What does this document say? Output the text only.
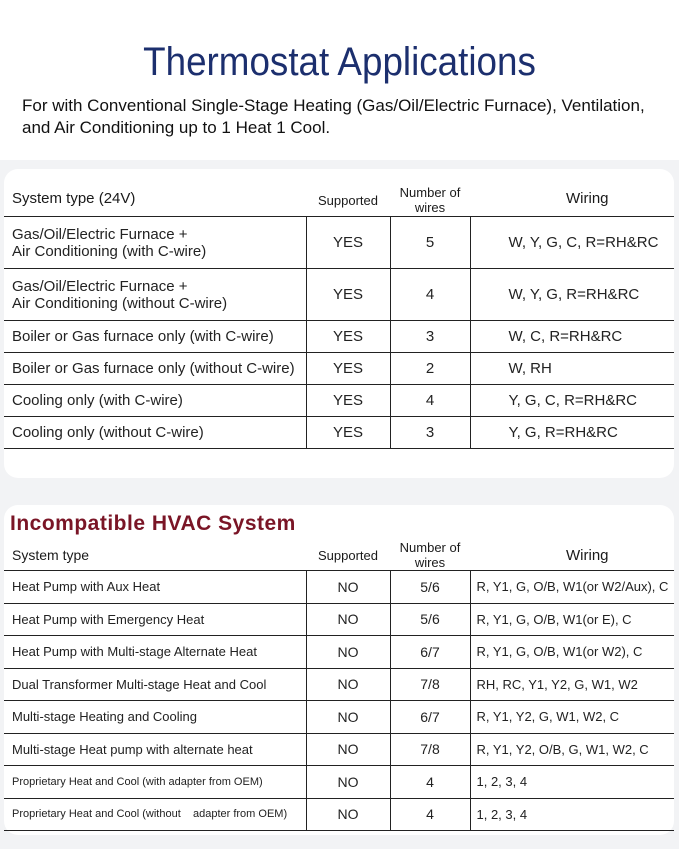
Thermostat Applications
For with Conventional Single-Stage Heating (Gas/Oil/Electric Furnace), Ventilation, and Air Conditioning up to 1 Heat 1 Cool.
System type (24V)	Supported	Number of wires	Wiring

Gas/Oil/Electric Furnace +
Air Conditioning (with C-wire)	YES	5	W, Y, G, C, R=RH&RC

Gas/Oil/Electric Furnace +
Air Conditioning (without C-wire)	YES	4	W, Y, G, R=RH&RC
Boiler or Gas furnace only (with C-wire)	YES	3	W, C, R=RH&RC
Boiler or Gas furnace only (without C-wire)	YES	2	W, RH
Cooling only (with C-wire)	YES	4	Y, G, C, R=RH&RC
Cooling only (without C-wire)	YES	3	Y, G, R=RH&RC
Incompatible HVAC System
System type	Supported	Number of wires	Wiring
Heat Pump with Aux Heat	NO	5/6	R, Y1, G, O/B, W1(or W2/Aux), C
Heat Pump with Emergency Heat	NO	5/6	R, Y1, G, O/B, W1(or E), C
Heat Pump with Multi-stage Alternate Heat	NO	6/7	R, Y1, G, O/B, W1(or W2), C
Dual Transformer Multi-stage Heat and Cool	NO	7/8	RH, RC, Y1, Y2, G, W1, W2
Multi-stage Heating and Cooling	NO	6/7	R, Y1, Y2, G, W1, W2, C
Multi-stage Heat pump with alternate heat	NO	7/8	R, Y1, Y2, O/B, G, W1, W2, C
Proprietary Heat and Cool (with adapter from OEM)	NO	4	1, 2, 3, 4
Proprietary Heat and Cool (without    adapter from OEM)	NO	4	1, 2, 3, 4
